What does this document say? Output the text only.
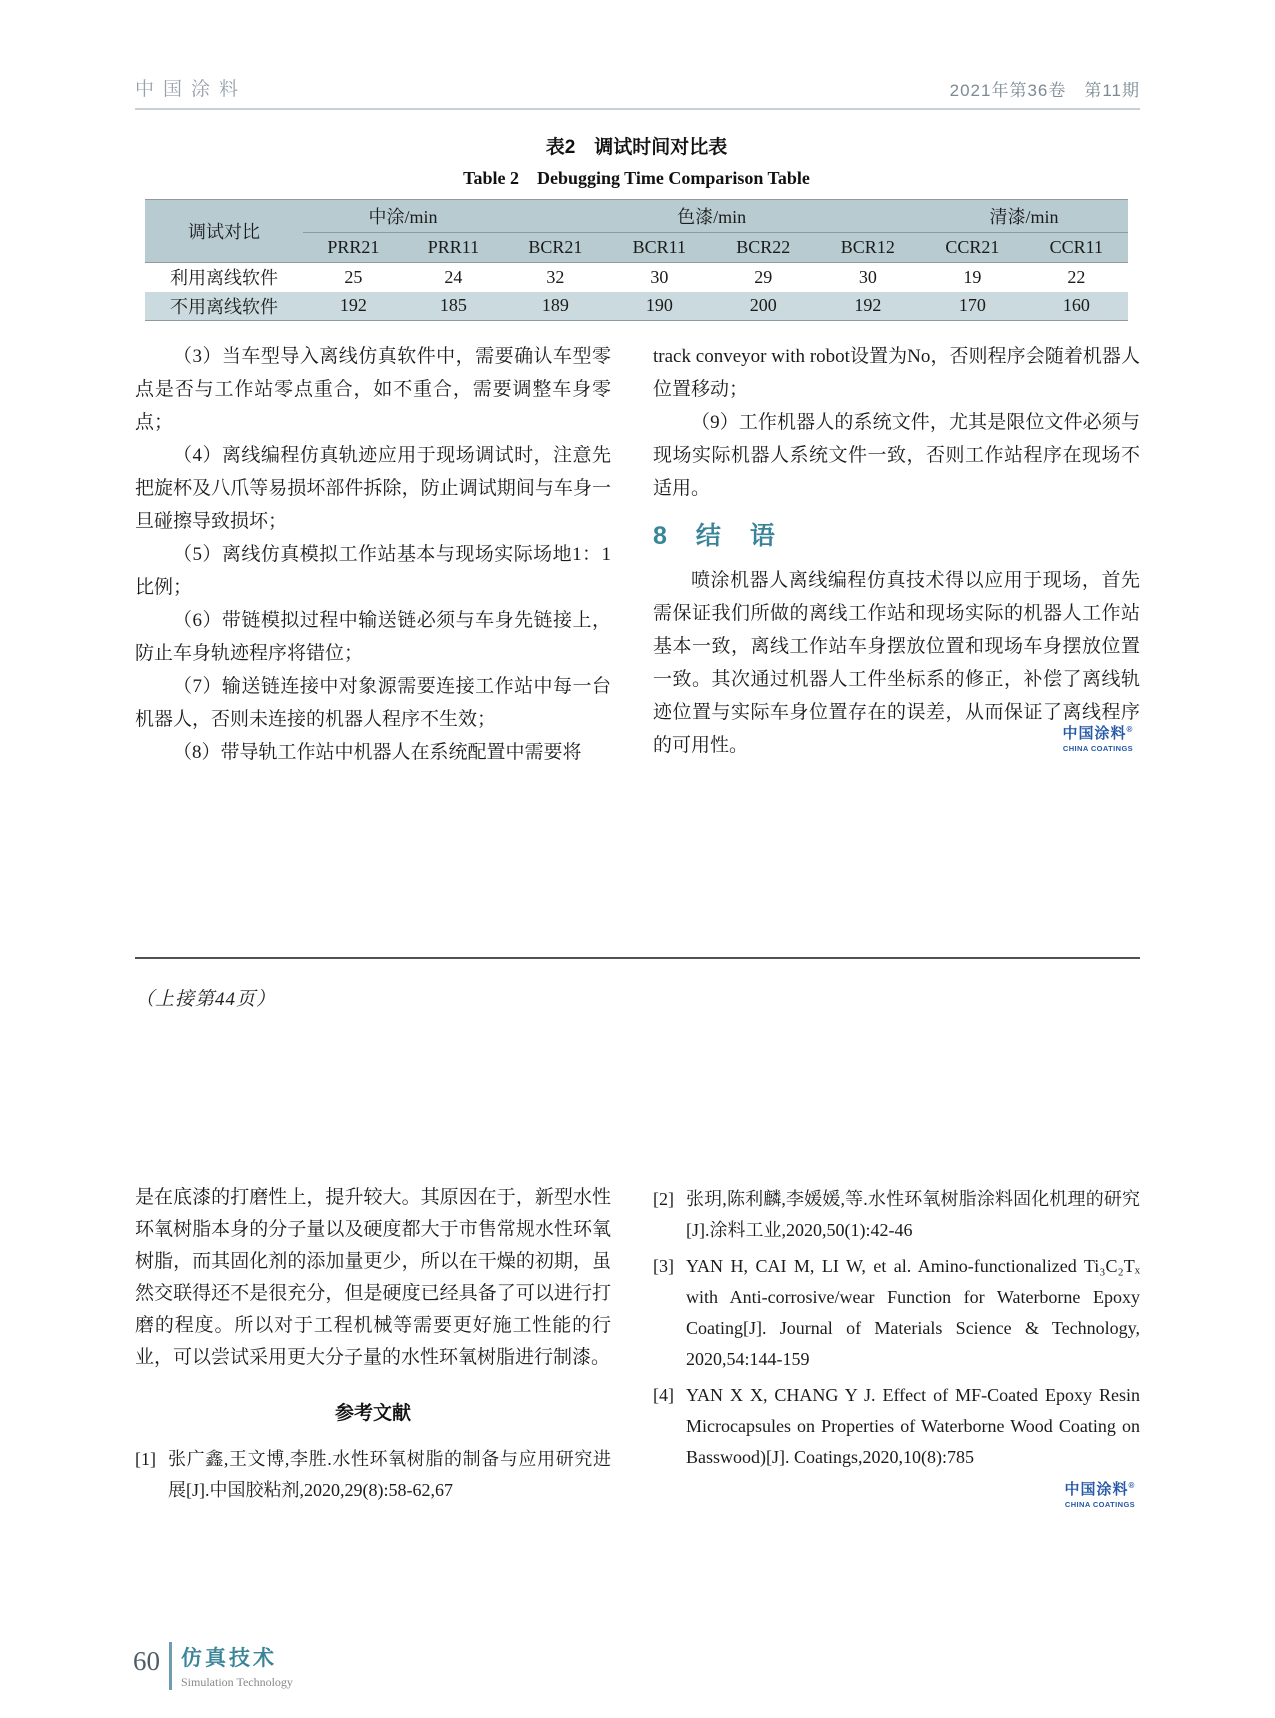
中国涂料	2021年第36卷　第11期
表2　调试时间对比表
Table 2　Debugging Time Comparison Table
调试对比	中涂/min		色漆/min				清漆/min	
	PRR21	PRR11	BCR21	BCR11	BCR22	BCR12	CCR21	CCR11
利用离线软件	25	24	32	30	29	30	19	22
不用离线软件	192	185	189	190	200	192	170	160

（3）当车型导入离线仿真软件中，需要确认车型零点是否与工作站零点重合，如不重合，需要调整车身零点；

（4）离线编程仿真轨迹应用于现场调试时，注意先把旋杯及八爪等易损坏部件拆除，防止调试期间与车身一旦碰擦导致损坏；

（5）离线仿真模拟工作站基本与现场实际场地1：1比例；

（6）带链模拟过程中输送链必须与车身先链接上，防止车身轨迹程序将错位；

（7）输送链连接中对象源需要连接工作站中每一台机器人，否则未连接的机器人程序不生效；

（8）带导轨工作站中机器人在系统配置中需要将

track conveyor with robot设置为No，否则程序会随着机器人位置移动；

（9）工作机器人的系统文件，尤其是限位文件必须与现场实际机器人系统文件一致，否则工作站程序在现场不适用。

8　结　语

喷涂机器人离线编程仿真技术得以应用于现场，首先需保证我们所做的离线工作站和现场实际的机器人工作站基本一致，离线工作站车身摆放位置和现场车身摆放位置一致。其次通过机器人工件坐标系的修正，补偿了离线轨迹位置与实际车身位置存在的误差，从而保证了离线程序的可用性。

中国涂料®
CHINA COATINGS
（上接第44页）

是在底漆的打磨性上，提升较大。其原因在于，新型水性环氧树脂本身的分子量以及硬度都大于市售常规水性环氧树脂，而其固化剂的添加量更少，所以在干燥的初期，虽然交联得还不是很充分，但是硬度已经具备了可以进行打磨的程度。所以对于工程机械等需要更好施工性能的行业，可以尝试采用更大分子量的水性环氧树脂进行制漆。

参考文献
[1] 张广鑫,王文博,李胜.水性环氧树脂的制备与应用研究进展[J].中国胶粘剂,2020,29(8):58-62,67
[2] 张玥,陈利麟,李媛媛,等.水性环氧树脂涂料固化机理的研究[J].涂料工业,2020,50(1):42-46
[3] YAN H, CAI M, LI W, et al. Amino-functionalized Ti₃C₂Tₓ with Anti-corrosive/wear Function for Waterborne Epoxy Coating[J]. Journal of Materials Science & Technology, 2020,54:144-159
[4] YAN X X, CHANG Y J. Effect of MF-Coated Epoxy Resin Microcapsules on Properties of Waterborne Wood Coating on Basswood)[J]. Coatings,2020,10(8):785
中国涂料®
CHINA COATINGS
60 仿真技术
Simulation Technology
